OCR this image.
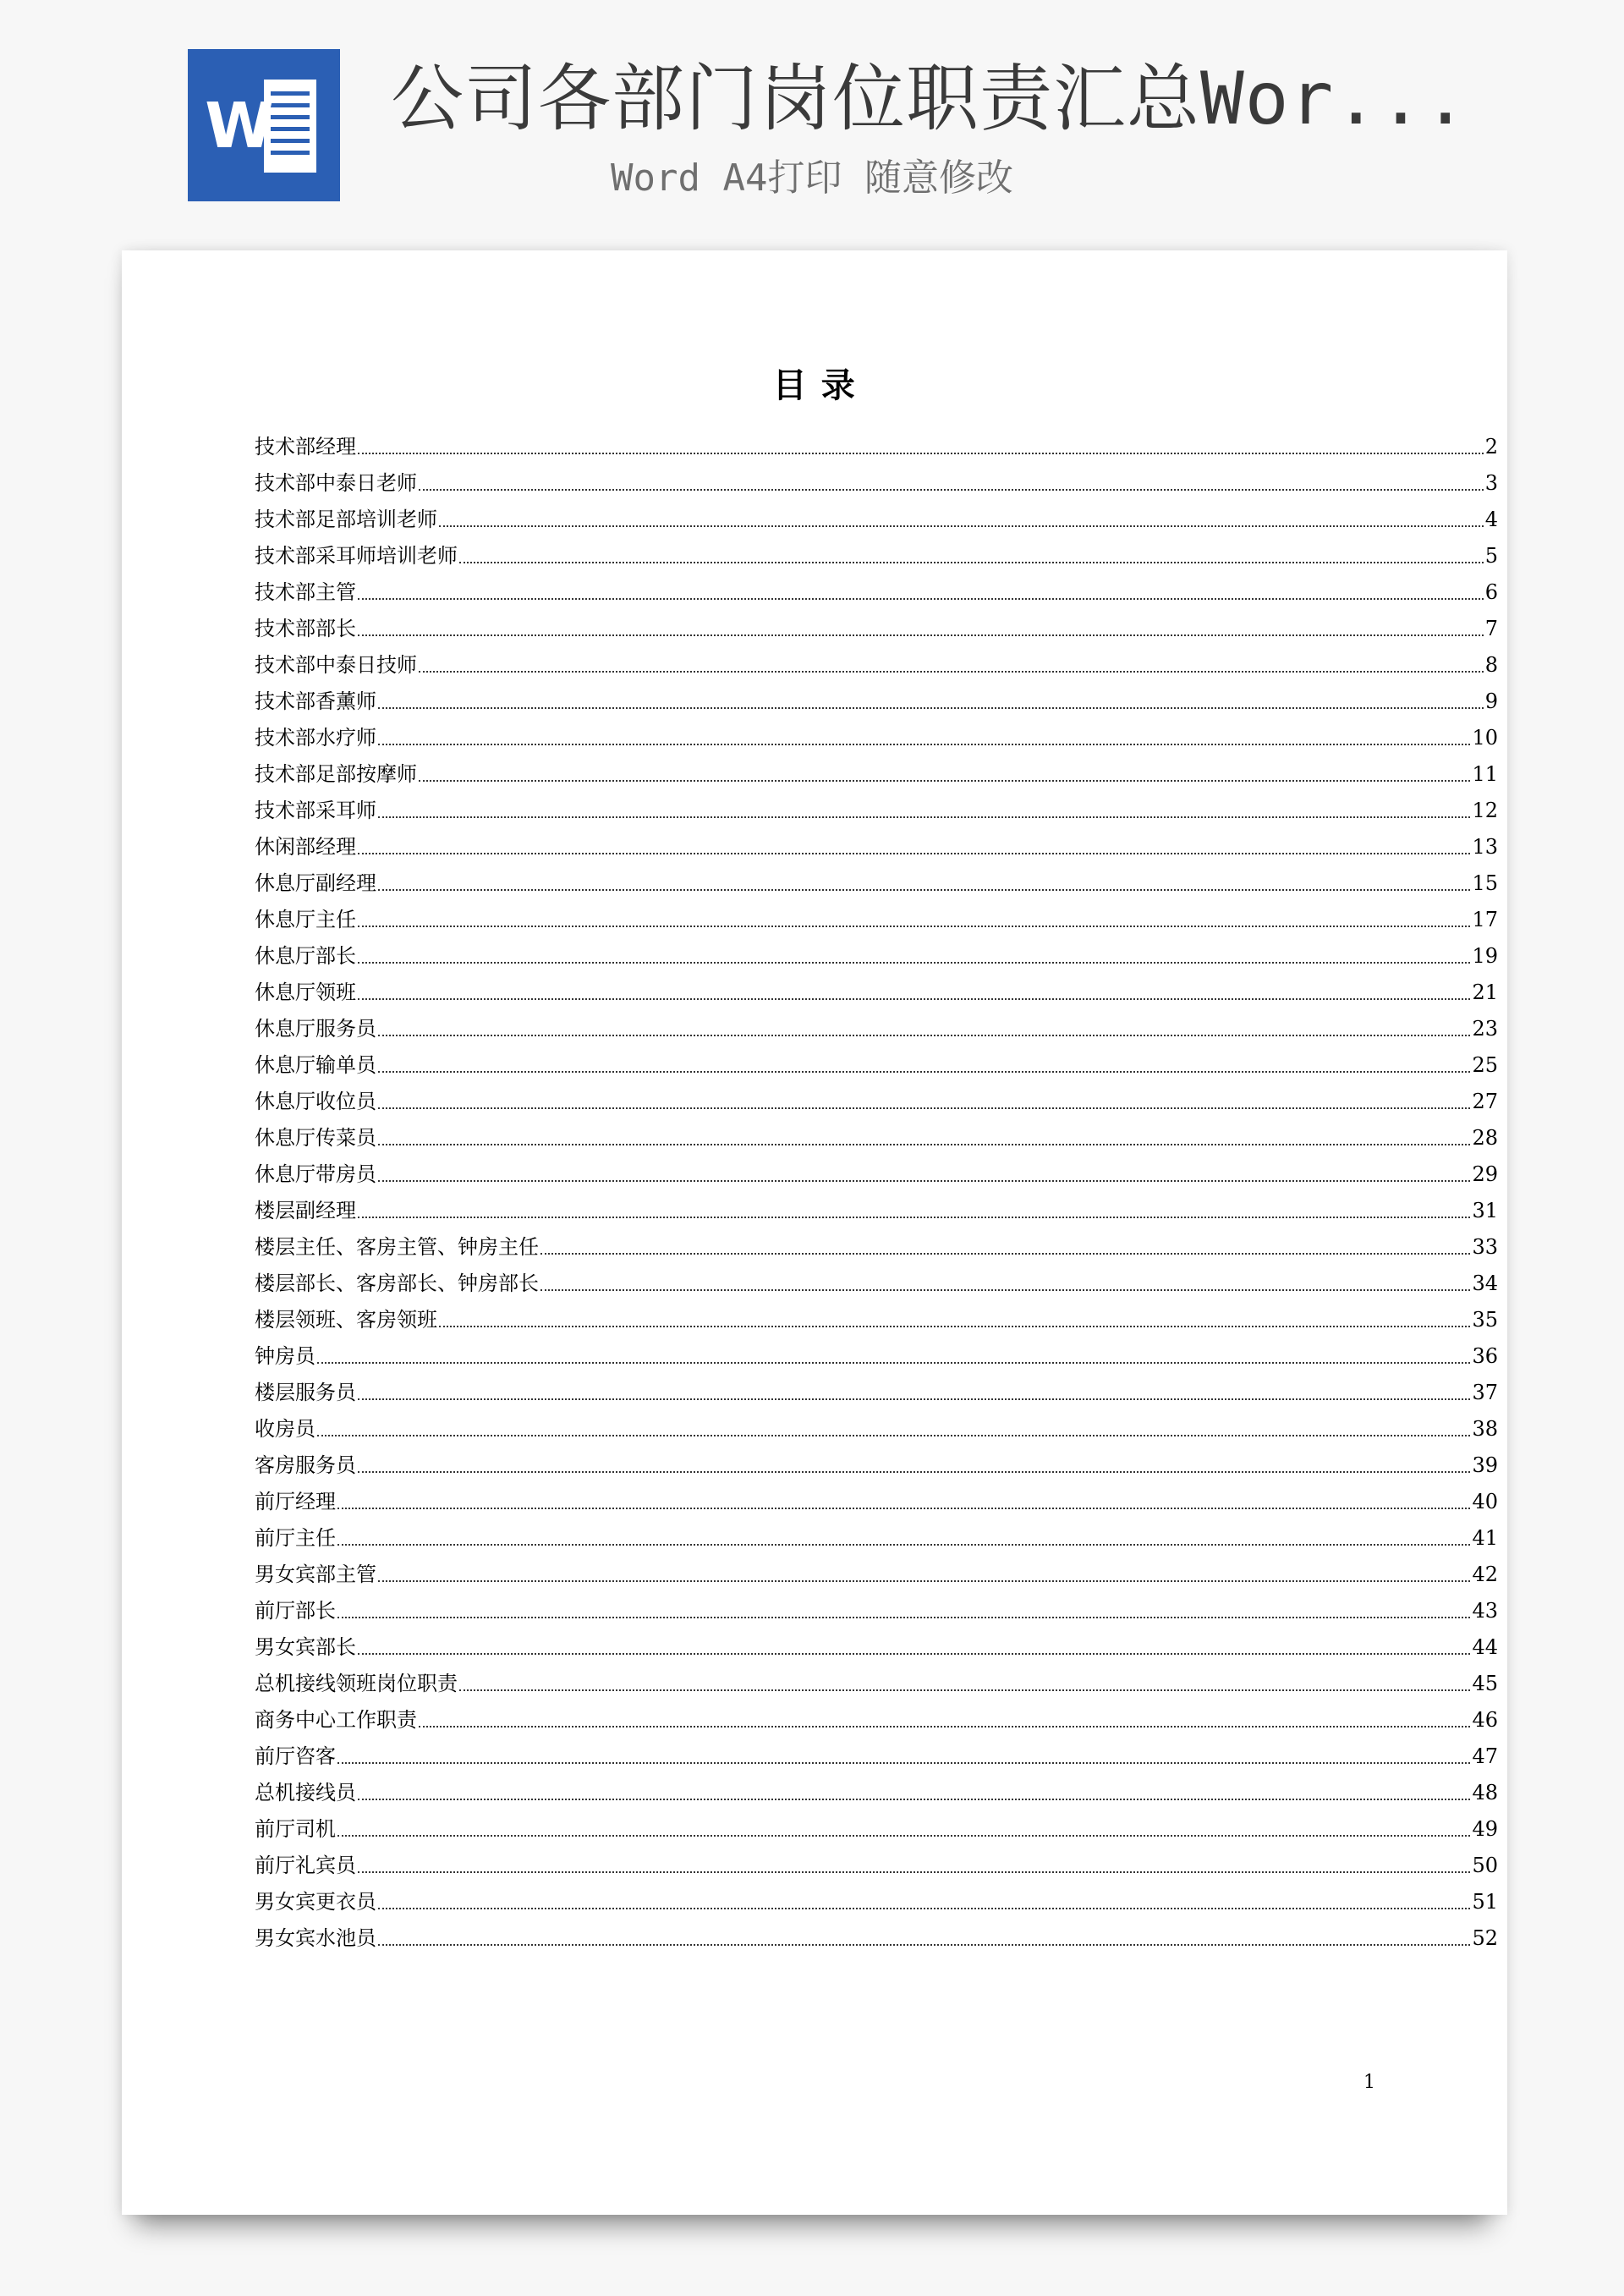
W 公司各部门岗位职责汇总Wor...
Word A4打印 随意修改
目 录
技术部经理	2
技术部中泰日老师	3
技术部足部培训老师	4
技术部采耳师培训老师	5
技术部主管	6
技术部部长	7
技术部中泰日技师	8
技术部香薰师	9
技术部水疗师	10
技术部足部按摩师	11
技术部采耳师	12
休闲部经理	13
休息厅副经理	15
休息厅主任	17
休息厅部长	19
休息厅领班	21
休息厅服务员	23
休息厅输单员	25
休息厅收位员	27
休息厅传菜员	28
休息厅带房员	29
楼层副经理	31
楼层主任、客房主管、钟房主任	33
楼层部长、客房部长、钟房部长	34
楼层领班、客房领班	35
钟房员	36
楼层服务员	37
收房员	38
客房服务员	39
前厅经理	40
前厅主任	41
男女宾部主管	42
前厅部长	43
男女宾部长	44
总机接线领班岗位职责	45
商务中心工作职责	46
前厅咨客	47
总机接线员	48
前厅司机	49
前厅礼宾员	50
男女宾更衣员	51
男女宾水池员	52
1
